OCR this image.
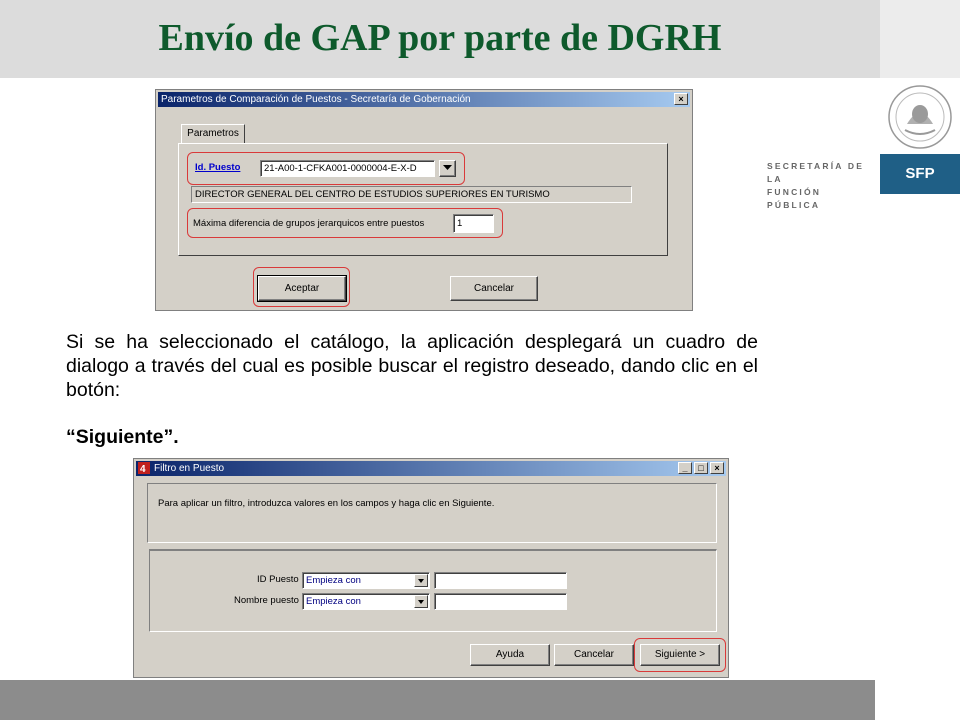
Envío de GAP por parte de DGRH
SECRETARÍA DE LA
FUNCIÓN PÚBLICA
SFP
Parametros de Comparación de Puestos - Secretaría de Gobernación	×
Parametros
Id. Puesto	21-A00-1-CFKA001-0000004-E-X-D
DIRECTOR GENERAL DEL CENTRO DE ESTUDIOS SUPERIORES EN TURISMO
Máxima diferencia de grupos jerarquicos entre puestos	1
Aceptar	Cancelar
Si se ha seleccionado el catálogo, la aplicación desplegará un cuadro de dialogo a través del cual es posible buscar el registro deseado, dando clic en el botón:
“Siguiente”.
4 Filtro en Puesto	_	□	×
Para aplicar un filtro, introduzca valores en los campos y haga clic en Siguiente.
ID Puesto Empieza con
Nombre puesto Empieza con
Ayuda	Cancelar	Siguiente >
